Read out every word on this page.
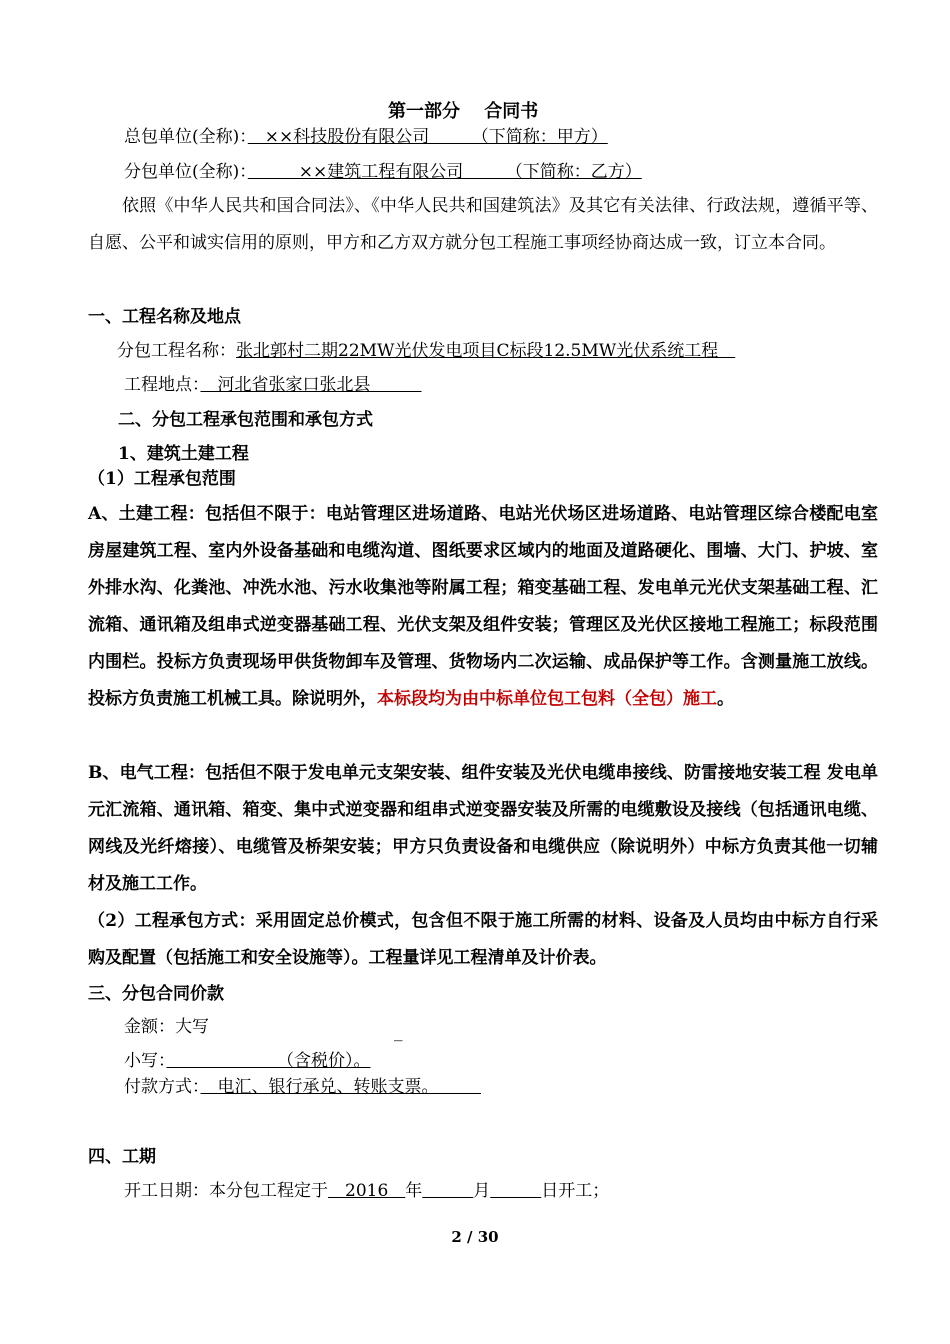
第一部分　 合同书
总包单位(全称)：　××科技股份有限公司　　　（下简称：甲方）
分包单位(全称)：　　　××建筑工程有限公司　　　（下简称：乙方）
依照《中华人民共和国合同法》、《中华人民共和国建筑法》及其它有关法律、行政法规，遵循平等、自愿、公平和诚实信用的原则，甲方和乙方双方就分包工程施工事项经协商达成一致，订立本合同。
一、工程名称及地点
分包工程名称：张北郭村二期22MW光伏发电项目C标段12.5MW光伏系统工程　
工程地点：　河北省张家口张北县　　　
二、分包工程承包范围和承包方式
1、建筑土建工程
（1）工程承包范围
A、土建工程：包括但不限于：电站管理区进场道路、电站光伏场区进场道路、电站管理区综合楼配电室房屋建筑工程、室内外设备基础和电缆沟道、图纸要求区域内的地面及道路硬化、围墙、大门、护坡、室外排水沟、化粪池、冲洗水池、污水收集池等附属工程；箱变基础工程、发电单元光伏支架基础工程、汇流箱、通讯箱及组串式逆变器基础工程、光伏支架及组件安装；管理区及光伏区接地工程施工；标段范围内围栏。投标方负责现场甲供货物卸车及管理、货物场内二次运输、成品保护等工作。含测量施工放线。投标方负责施工机械工具。除说明外，本标段均为由中标单位包工包料（全包）施工。
B、电气工程：包括但不限于发电单元支架安装、组件安装及光伏电缆串接线、防雷接地安装工程 发电单元汇流箱、通讯箱、箱变、集中式逆变器和组串式逆变器安装及所需的电缆敷设及接线（包括通讯电缆、网线及光纤熔接）、电缆管及桥架安装；甲方只负责设备和电缆供应（除说明外）中标方负责其他一切辅材及施工工作。
（2）工程承包方式：采用固定总价模式，包含但不限于施工所需的材料、设备及人员均由中标方自行采购及配置（包括施工和安全设施等）。工程量详见工程清单及计价表。
三、分包合同价款
金额：大写	_
小写：　　　　　　　（含税价）。
付款方式：　电汇、银行承兑、转账支票。　　　
四、工期
开工日期：本分包工程定于　2016　年　　　	月　　　	日开工；
2 / 30
